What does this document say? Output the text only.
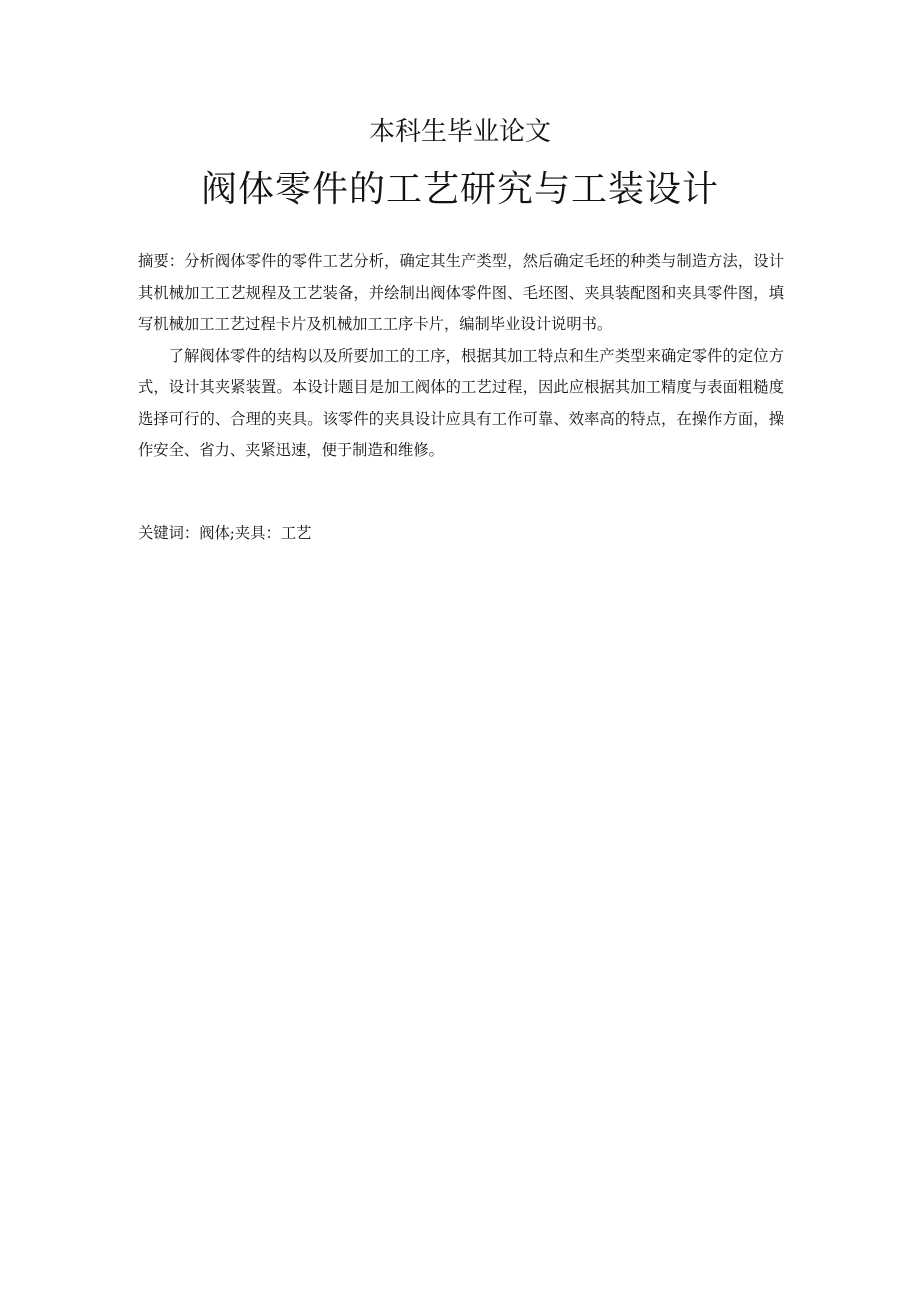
本科生毕业论文
阀体零件的工艺研究与工装设计

摘要：分析阀体零件的零件工艺分析，确定其生产类型，然后确定毛坯的种类与制造方法，设计其机械加工工艺规程及工艺装备，并绘制出阀体零件图、毛坯图、夹具装配图和夹具零件图，填写机械加工工艺过程卡片及机械加工工序卡片，编制毕业设计说明书。

了解阀体零件的结构以及所要加工的工序，根据其加工特点和生产类型来确定零件的定位方式，设计其夹紧装置。本设计题目是加工阀体的工艺过程，因此应根据其加工精度与表面粗糙度选择可行的、合理的夹具。该零件的夹具设计应具有工作可靠、效率高的特点，在操作方面，操作安全、省力、夹紧迅速，便于制造和维修。

关键词：阀体;夹具：工艺
